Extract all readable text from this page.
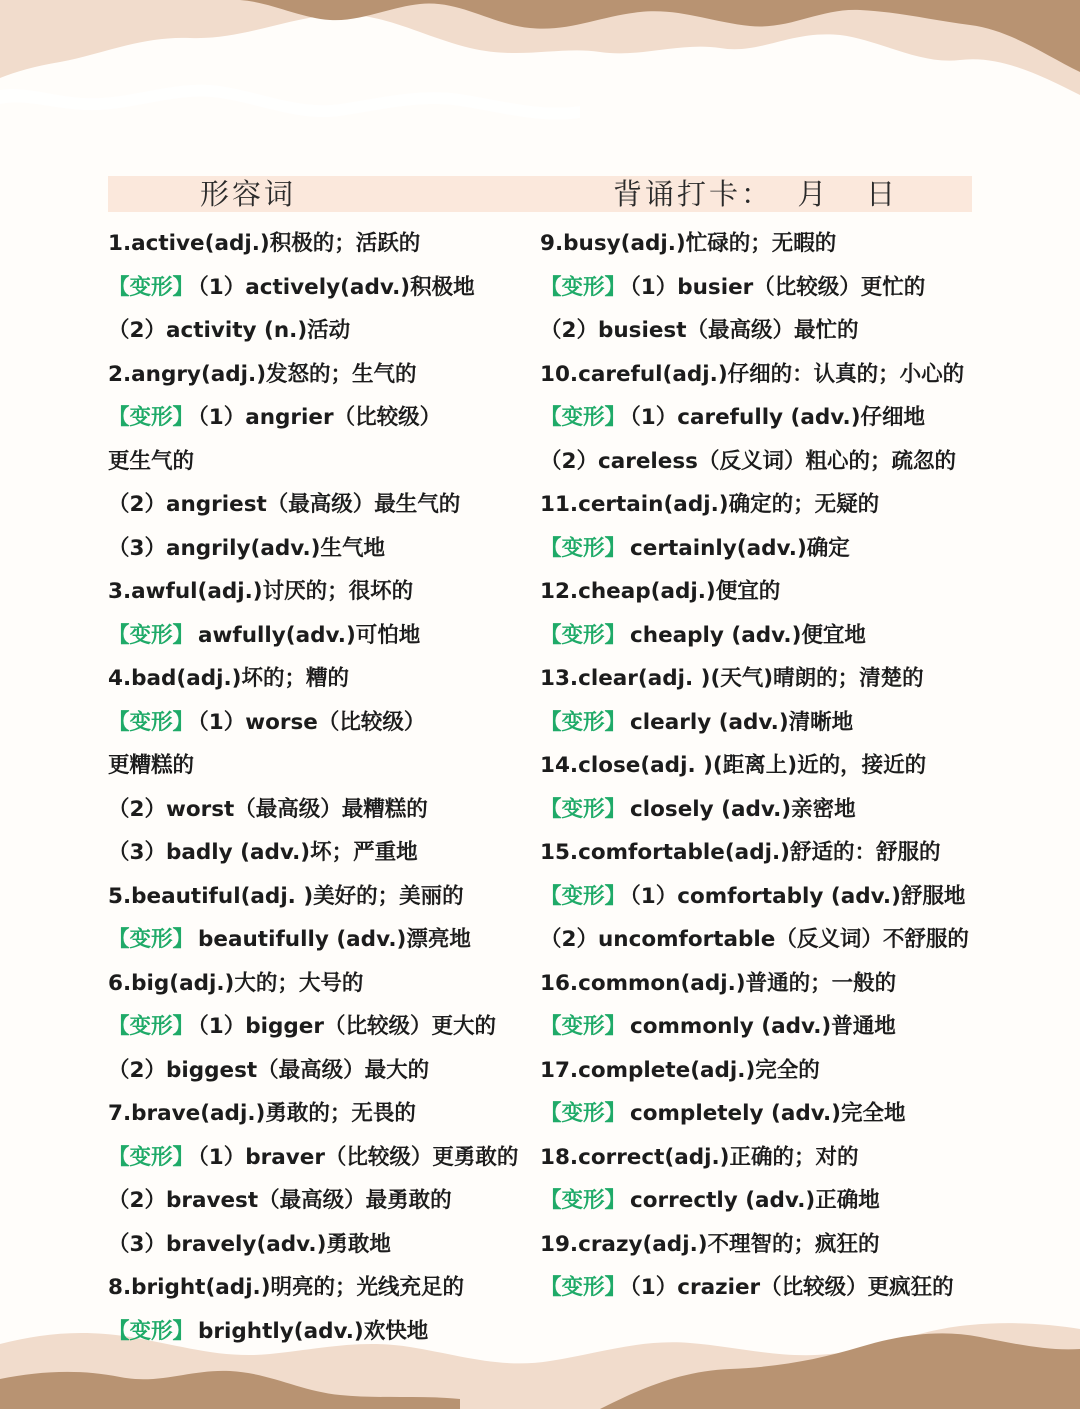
形容词	背诵打卡：  月   日
1.active(adj.)积极的；活跃的
【变形】 （1）actively(adv.)积极地
（2）activity (n.)活动
2.angry(adj.)发怒的；生气的
【变形】 （1）angrier（比较级）
更生气的
（2）angriest（最高级）最生气的
（3）angrily(adv.)生气地
3.awful(adj.)讨厌的；很坏的
【变形】 awfully(adv.)可怕地
4.bad(adj.)坏的；糟的
【变形】 （1）worse（比较级）
更糟糕的
（2）worst（最高级）最糟糕的
（3）badly (adv.)坏；严重地
5.beautiful(adj. )美好的；美丽的
【变形】 beautifully (adv.)漂亮地
6.big(adj.)大的；大号的
【变形】 （1）bigger（比较级）更大的
（2）biggest（最高级）最大的
7.brave(adj.)勇敢的；无畏的
【变形】 （1）braver（比较级）更勇敢的
（2）bravest（最高级）最勇敢的
（3）bravely(adv.)勇敢地
8.bright(adj.)明亮的；光线充足的
【变形】 brightly(adv.)欢快地
9.busy(adj.)忙碌的；无暇的
【变形】 （1）busier（比较级）更忙的
（2）busiest（最高级）最忙的
10.careful(adj.)仔细的：认真的；小心的
【变形】 （1）carefully (adv.)仔细地
（2）careless（反义词）粗心的；疏忽的
11.certain(adj.)确定的；无疑的
【变形】 certainly(adv.)确定
12.cheap(adj.)便宜的
【变形】 cheaply (adv.)便宜地
13.clear(adj. )(天气)晴朗的；清楚的
【变形】 clearly (adv.)清晰地
14.close(adj. )(距离上)近的，接近的
【变形】 closely (adv.)亲密地
15.comfortable(adj.)舒适的：舒服的
【变形】 （1）comfortably (adv.)舒服地
（2）uncomfortable（反义词）不舒服的
16.common(adj.)普通的；一般的
【变形】 commonly (adv.)普通地
17.complete(adj.)完全的
【变形】 completely (adv.)完全地
18.correct(adj.)正确的；对的
【变形】 correctly (adv.)正确地
19.crazy(adj.)不理智的；疯狂的
【变形】 （1）crazier（比较级）更疯狂的
